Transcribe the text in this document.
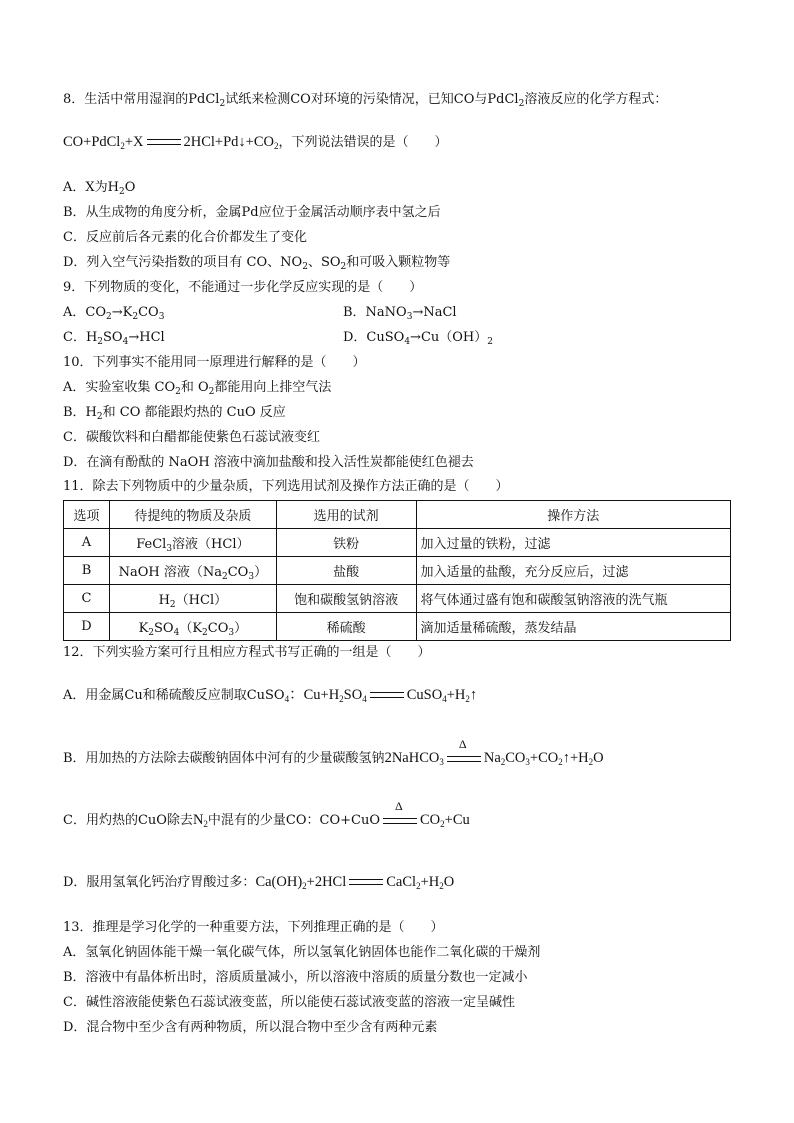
8．生活中常用湿润的PdCl$_2$试纸来检测CO对环境的污染情况，已知CO与PdCl$_2$溶液反应的化学方程式：
CO+PdCl$_2$+X	$2HCl+Pd↓+CO_2$，下列说法错误的是（　　）
A．X为$H_2O$
B．从生成物的角度分析，金属Pd应位于金属活动顺序表中氢之后
C．反应前后各元素的化合价都发生了变化
D．列入空气污染指数的项目有 CO、$NO_2$、$SO_2$和可吸入颗粒物等
9．下列物质的变化，不能通过一步化学反应实现的是（　　）
A．$CO_2\to K_2CO_3$	B．NaNO$_3$→NaCl
C．$H_2SO_4\to HCl$	D．$CuSO_4\to Cu(OH)_2$
10．下列事实不能用同一原理进行解释的是（　　）
A．实验室收集 $CO_2$和 $O_2$都能用向上排空气法
B．$H_2$和 CO 都能跟灼热的 CuO 反应
C．碳酸饮料和白醋都能使紫色石蕊试液变红
D．在滴有酚酞的 NaOH 溶液中滴加盐酸和投入活性炭都能使红色褪去
11．除去下列物质中的少量杂质，下列选用试剂及操作方法正确的是（　　）
选项	待提纯的物质及杂质	选用的试剂	操作方法
A	FeCl$_3$溶液（HCl）	铁粉	加入过量的铁粉，过滤
B	NaOH 溶液$(Na_2CO_3)$	盐酸	加入适量的盐酸，充分反应后，过滤
C	$H_2(HCl)$	饱和碳酸氢钠溶液	将气体通过盛有饱和碳酸氢钠溶液的洗气瓶
D	$K_2SO_4(K_2CO_3)$	稀硫酸	滴加适量稀硫酸，蒸发结晶
12．下列实验方案可行且相应方程式书写正确的一组是（　　）
A．用金属Cu和稀硫酸反应制取CuSO$_4$：$Cu+H_2SO_4$	$CuSO_4+H_2↑$
B．用加热的方法除去碳酸钠固体中河有的少量碳酸氢钠2NaHCO$_3$
Δ
$Na_2CO_3+CO_2↑+H_2O$
C．用灼热的CuO除去$N_2$中混有的少量CO：CO+CuO
Δ
$CO_2+Cu$
D．服用氢氧化钙治疗胃酸过多：$Ca(OH)_2+2HCl$	$CaCl_2+H_2O$
13．推理是学习化学的一种重要方法，下列推理正确的是（　　）
A．氢氧化钠固体能干燥一氧化碳气体，所以氢氧化钠固体也能作二氧化碳的干燥剂
B．溶液中有晶体析出时，溶质质量减小，所以溶液中溶质的质量分数也一定减小
C．碱性溶液能使紫色石蕊试液变蓝，所以能使石蕊试液变蓝的溶液一定呈碱性
D．混合物中至少含有两种物质，所以混合物中至少含有两种元素
